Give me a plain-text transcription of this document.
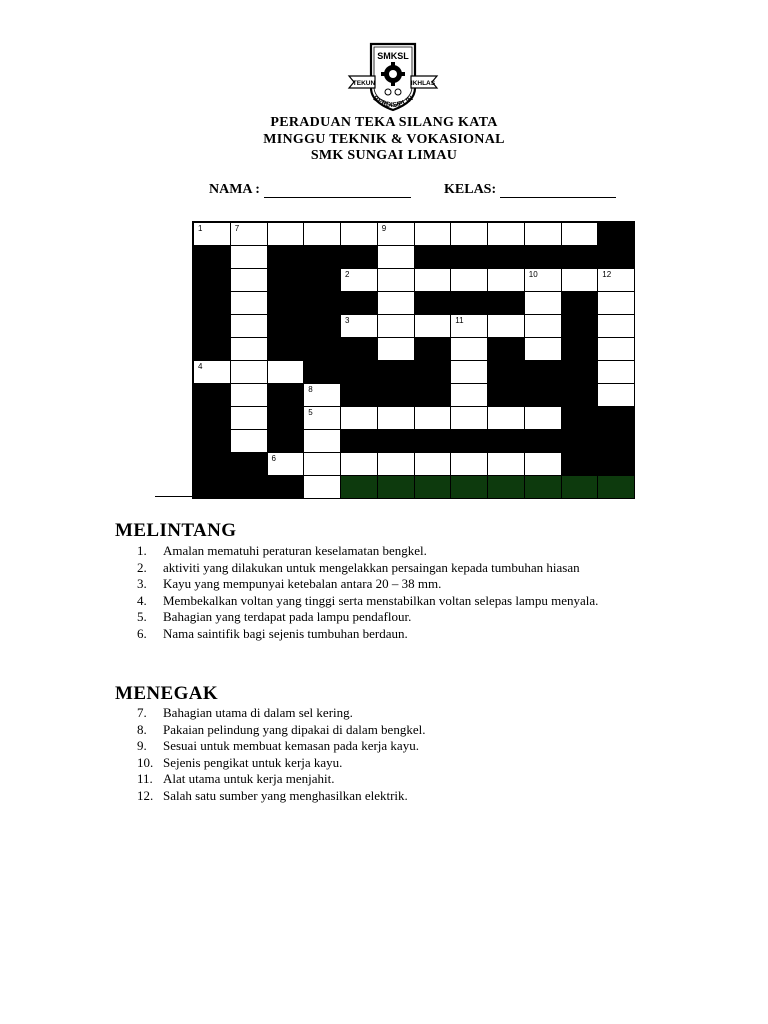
SMKSL
TEKUN	IKHLAS
BERDISIPLIN
PERADUAN TEKA SILANG KATA
MINGGU TEKNIK & VOKASIONAL
SMK SUNGAI LIMAU
NAMA :	KELAS:
1	7	9
2	10	12
3	11
4
8
5
6
MELINTANG
1.	Amalan mematuhi peraturan keselamatan bengkel.
2.	aktiviti yang dilakukan untuk mengelakkan persaingan kepada tumbuhan hiasan
3.	Kayu yang mempunyai ketebalan antara 20 – 38 mm.
4.	Membekalkan voltan yang tinggi serta menstabilkan voltan selepas lampu menyala.
5.	Bahagian yang terdapat pada lampu pendaflour.
6.	Nama saintifik bagi sejenis tumbuhan berdaun.
MENEGAK
7.	Bahagian utama di dalam sel kering.
8.	Pakaian pelindung yang dipakai di dalam bengkel.
9.	Sesuai untuk membuat kemasan pada kerja kayu.
10. Sejenis pengikat untuk kerja kayu.
11. Alat utama untuk kerja menjahit.
12. Salah satu sumber yang menghasilkan elektrik.
